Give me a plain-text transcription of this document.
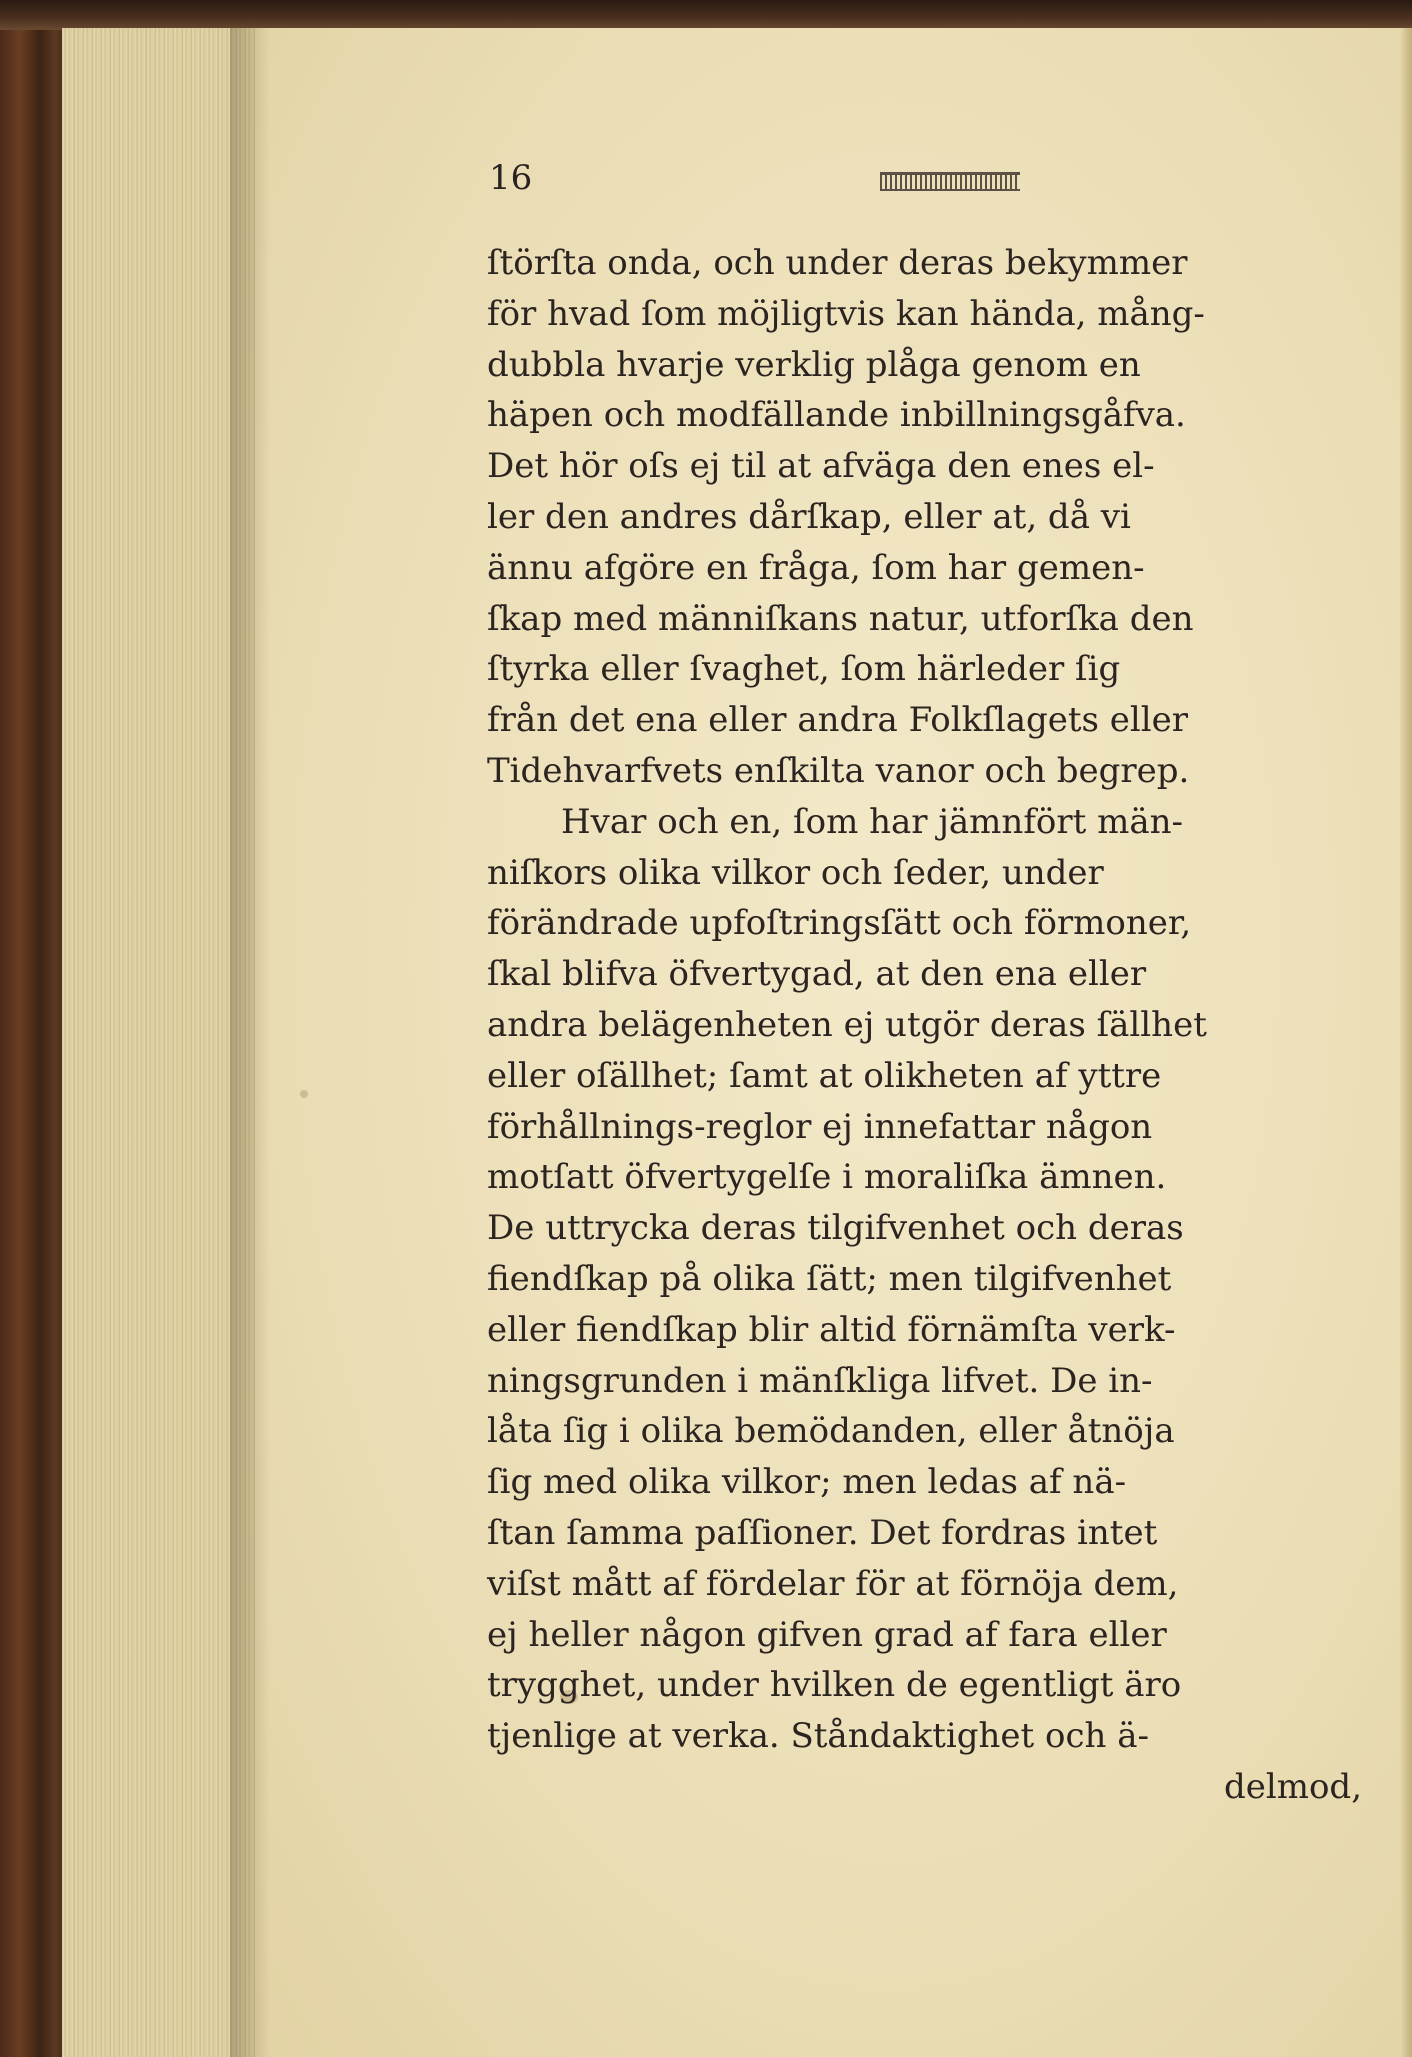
16

ſtörſta onda, och under deras bekymmer
för hvad ſom möjligtvis kan hända, mång-
dubbla hvarje verklig plåga genom en
häpen och modfällande inbillningsgåfva.
Det hör oſs ej til at afväga den enes el-
ler den andres dårſkap, eller at, då vi
ännu afgöre en fråga, ſom har gemen-
ſkap med männiſkans natur, utforſka den
ſtyrka eller ſvaghet, ſom härleder ſig
från det ena eller andra Folkſlagets eller
Tidehvarfvets enſkilta vanor och begrep.
Hvar och en, ſom har jämnfört män-
niſkors olika vilkor och ſeder, under
förändrade upfoſtringsſätt och förmoner,
ſkal blifva öfvertygad, at den ena eller
andra belägenheten ej utgör deras ſällhet
eller oſällhet; ſamt at olikheten af yttre
förhållnings-reglor ej innefattar någon
motſatt öfvertygelſe i moraliſka ämnen.
De uttrycka deras tilgifvenhet och deras
fiendſkap på olika ſätt; men tilgifvenhet
eller fiendſkap blir altid förnämſta verk-
ningsgrunden i mänſkliga lifvet. De in-
låta ſig i olika bemödanden, eller åtnöja
ſig med olika vilkor; men ledas af nä-
ſtan ſamma paſſioner. Det fordras intet
viſst mått af fördelar för at förnöja dem,
ej heller någon gifven grad af fara eller
trygghet, under hvilken de egentligt äro
tjenlige at verka. Ståndaktighet och ä-
delmod,
